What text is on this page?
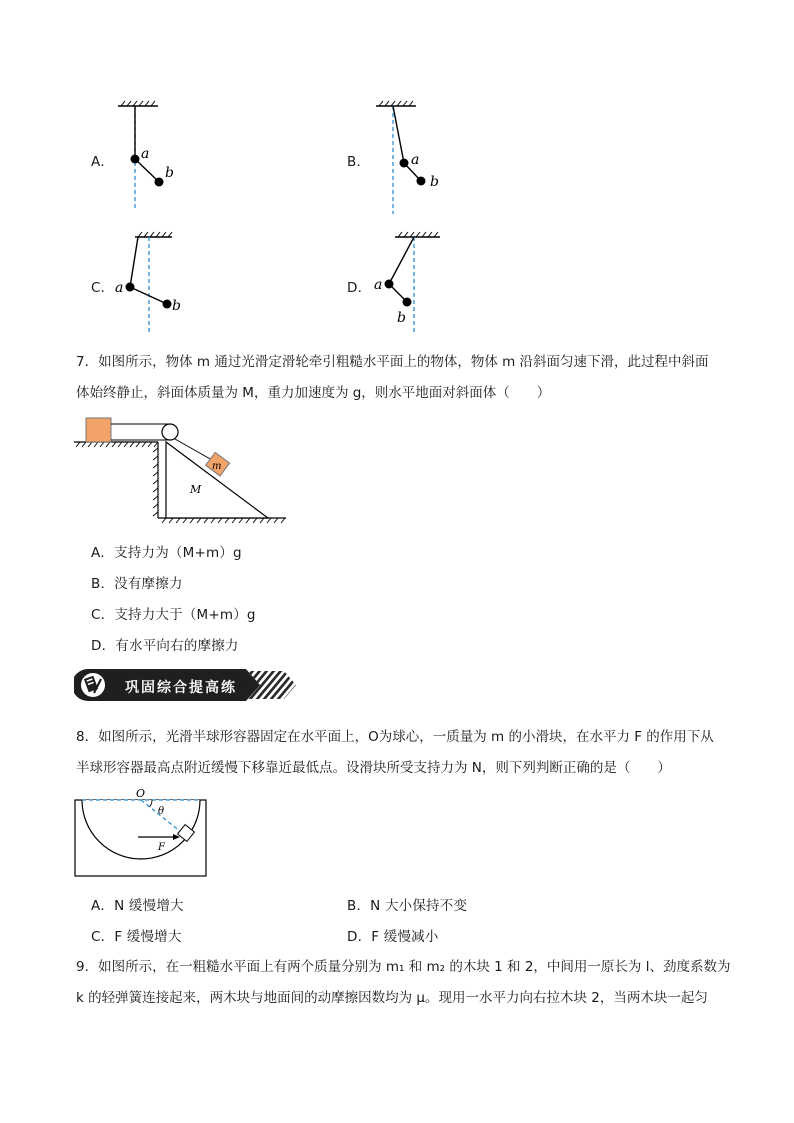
A． a
b
B．	a
b
C． a
b
D． a
b
7．如图所示，物体 m 通过光滑定滑轮牵引粗糙水平面上的物体，物体 m 沿斜面匀速下滑，此过程中斜面
体始终静止，斜面体质量为 M，重力加速度为 g，则水平地面对斜面体（　　）
m
M
A．支持力为（M+m）g
B．没有摩擦力
C．支持力大于（M+m）g
D．有水平向右的摩擦力
巩固综合提高练
8．如图所示，光滑半球形容器固定在水平面上，O为球心，一质量为 m 的小滑块，在水平力 F 的作用下从
半球形容器最高点附近缓慢下移靠近最低点。设滑块所受支持力为 N，则下列判断正确的是（　　）
O
θ
F
A．N 缓慢增大	B．N 大小保持不变
C．F 缓慢增大	D．F 缓慢减小
9．如图所示，在一粗糙水平面上有两个质量分别为 m₁ 和 m₂ 的木块 1 和 2，中间用一原长为 l、劲度系数为
k 的轻弹簧连接起来，两木块与地面间的动摩擦因数均为 μ。现用一水平力向右拉木块 2，当两木块一起匀
